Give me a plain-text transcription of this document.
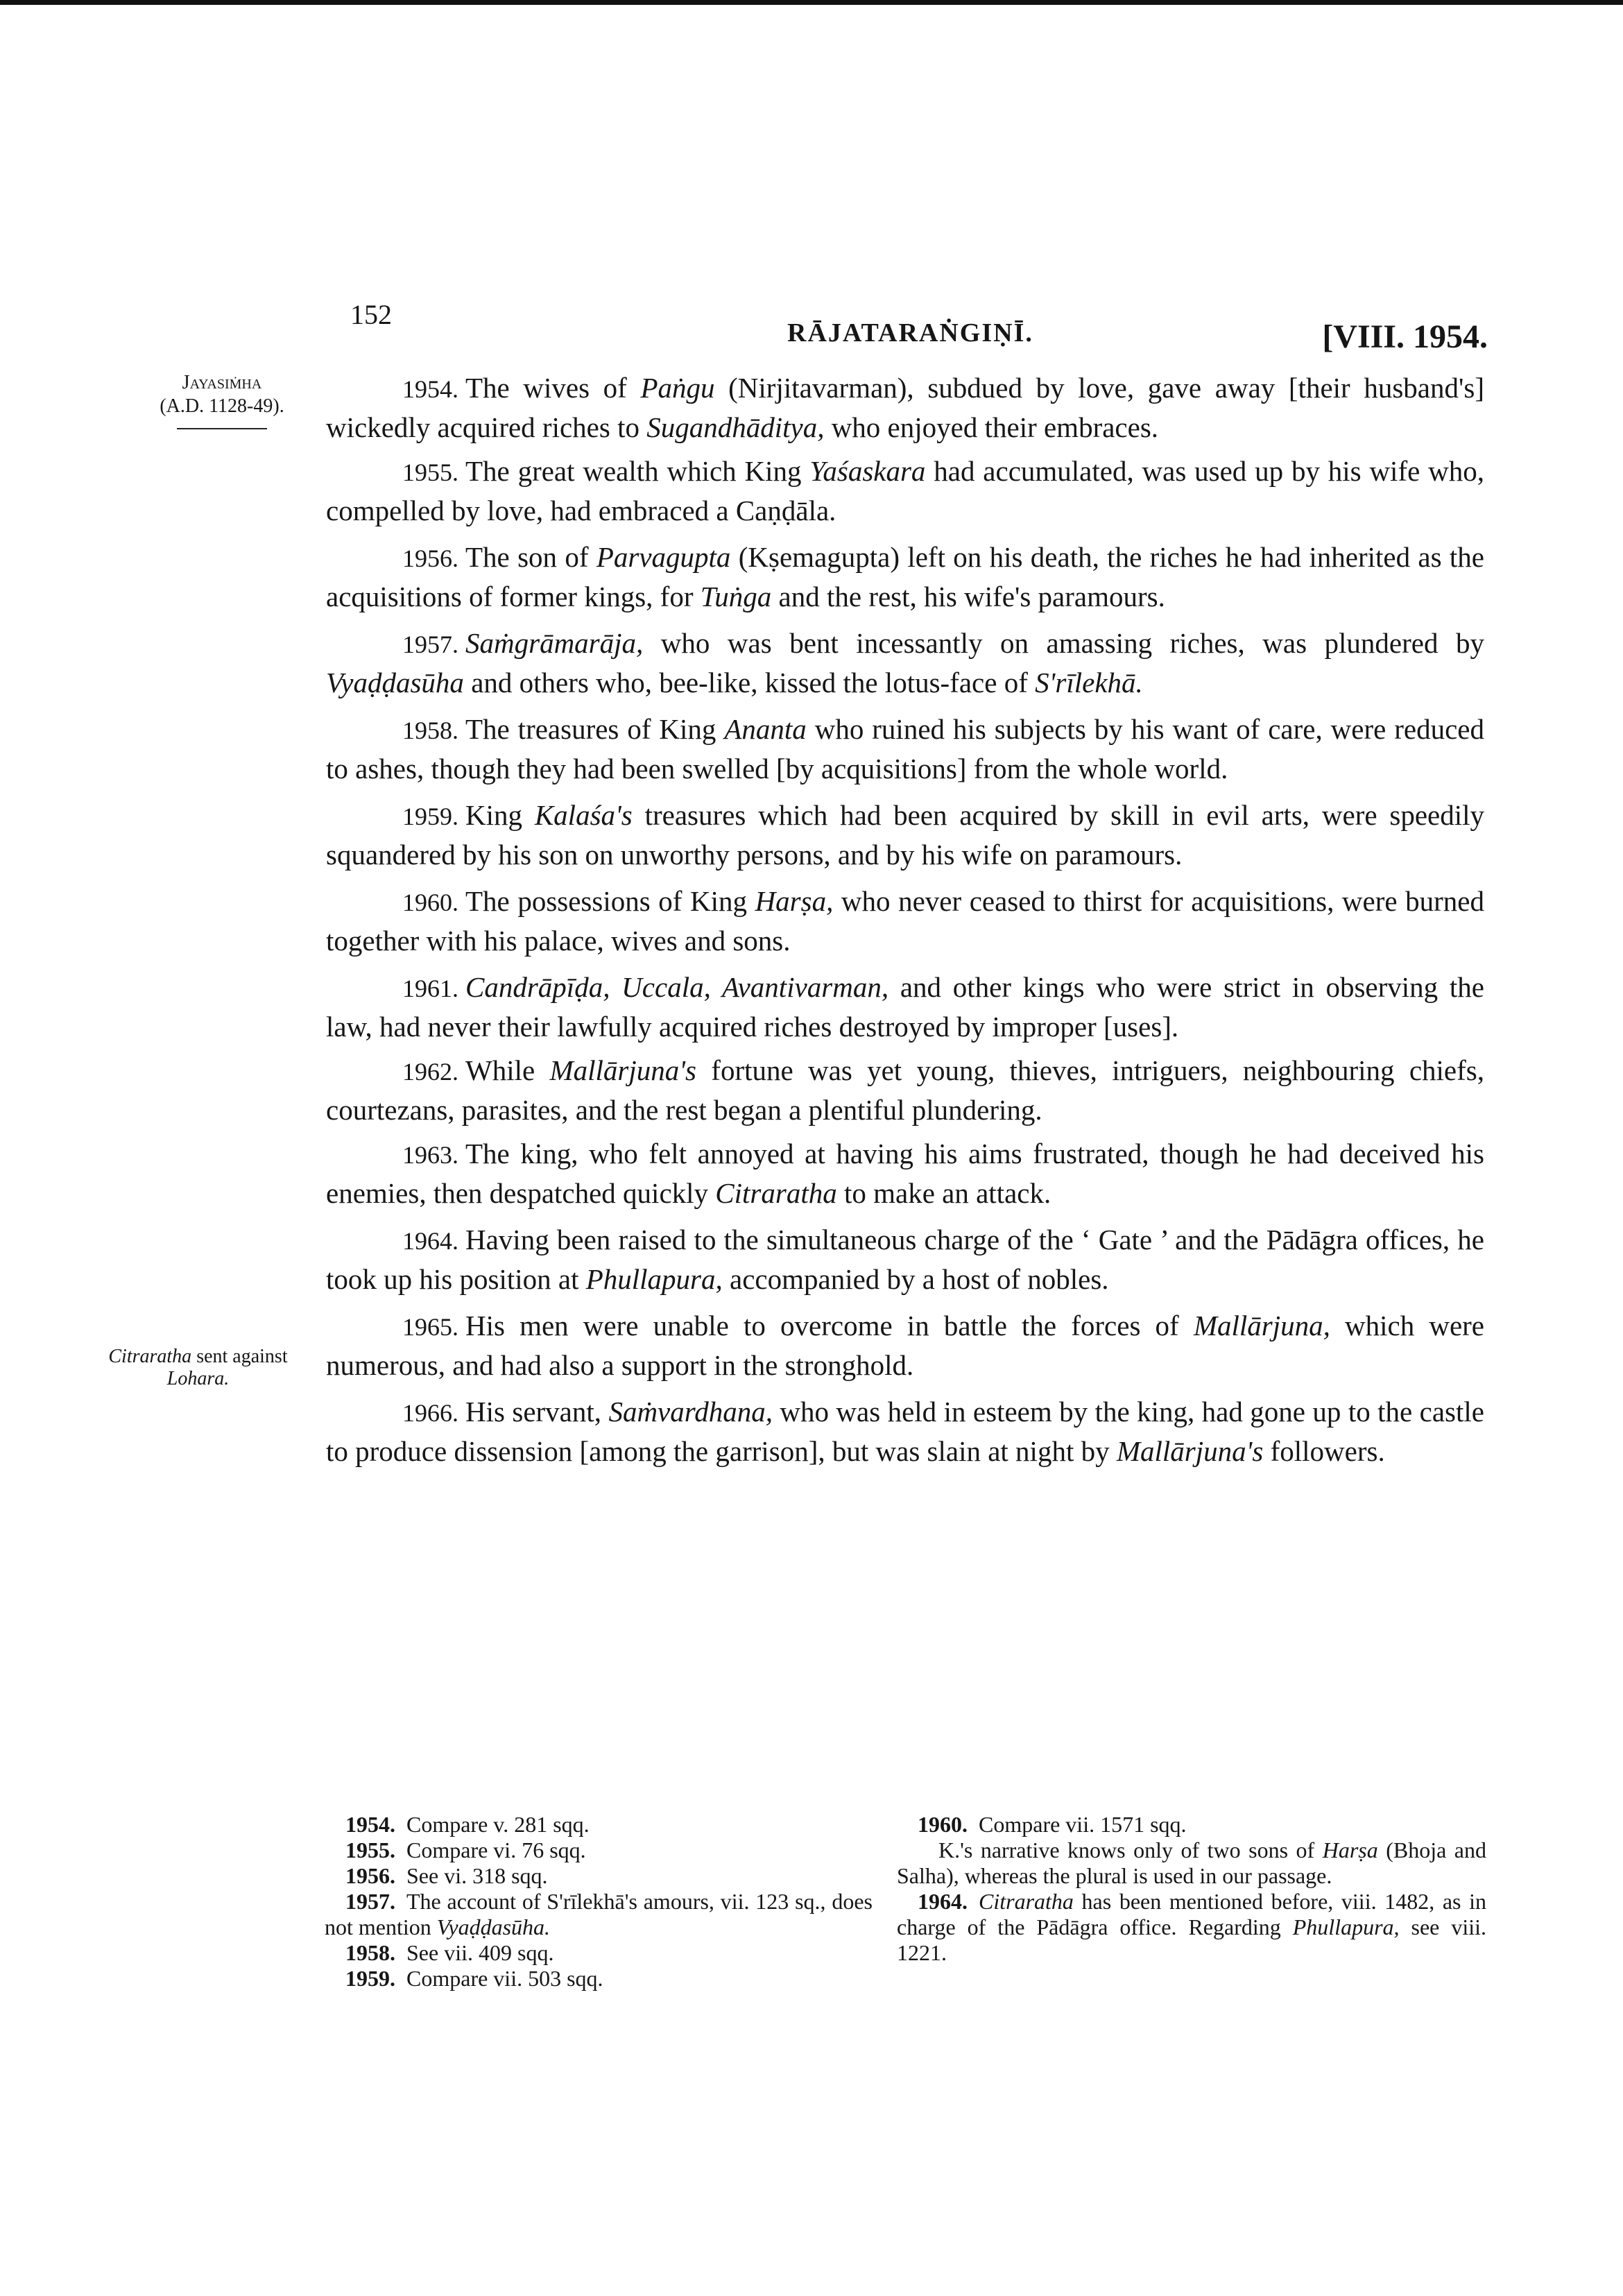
152
RĀJATARAṄGIṆĪ.	[VIII. 1954.
Jayasiṁha
(A.D. 1128-49).
Citraratha sent against
Lohara.

1954. The wives of Paṅgu (Nirjitavarman), subdued by love, gave away [their husband's] wickedly acquired riches to Sugandhāditya, who enjoyed their embraces.

1955. The great wealth which King Yaśaskara had accumulated, was used up by his wife who, compelled by love, had embraced a Caṇḍāla.

1956. The son of Parvagupta (Kṣemagupta) left on his death, the riches he had inherited as the acquisitions of former kings, for Tuṅga and the rest, his wife's paramours.

1957. Saṁgrāmarāja, who was bent incessantly on amassing riches, was plundered by Vyaḍḍasūha and others who, bee-like, kissed the lotus-face of S'rīlekhā.

1958. The treasures of King Ananta who ruined his subjects by his want of care, were reduced to ashes, though they had been swelled [by acquisitions] from the whole world.

1959. King Kalaśa's treasures which had been acquired by skill in evil arts, were speedily squandered by his son on unworthy persons, and by his wife on paramours.

1960. The possessions of King Harṣa, who never ceased to thirst for acquisitions, were burned together with his palace, wives and sons.

1961. Candrāpīḍa, Uccala, Avantivarman, and other kings who were strict in observing the law, had never their lawfully acquired riches destroyed by improper [uses].

1962. While Mallārjuna's fortune was yet young, thieves, intriguers, neighbouring chiefs, courtezans, parasites, and the rest began a plentiful plundering.

1963. The king, who felt annoyed at having his aims frustrated, though he had deceived his enemies, then despatched quickly Citraratha to make an attack.

1964. Having been raised to the simultaneous charge of the ‘ Gate ’ and the Pādāgra offices, he took up his position at Phullapura, accompanied by a host of nobles.

1965. His men were unable to overcome in battle the forces of Mallārjuna, which were numerous, and had also a support in the stronghold.

1966. His servant, Saṁvardhana, who was held in esteem by the king, had gone up to the castle to produce dissension [among the garrison], but was slain at night by Mallārjuna's followers.

1954. Compare v. 281 sqq.

1955. Compare vi. 76 sqq.

1956. See vi. 318 sqq.

1957. The account of S'rīlekhā's amours, vii. 123 sq., does not mention Vyaḍḍasūha.

1958. See vii. 409 sqq.

1959. Compare vii. 503 sqq.

1960. Compare vii. 1571 sqq.

K.'s narrative knows only of two sons of Harṣa (Bhoja and Salha), whereas the plural is used in our passage.

1964. Citraratha has been mentioned before, viii. 1482, as in charge of the Pādāgra office. Regarding Phullapura, see viii. 1221.
